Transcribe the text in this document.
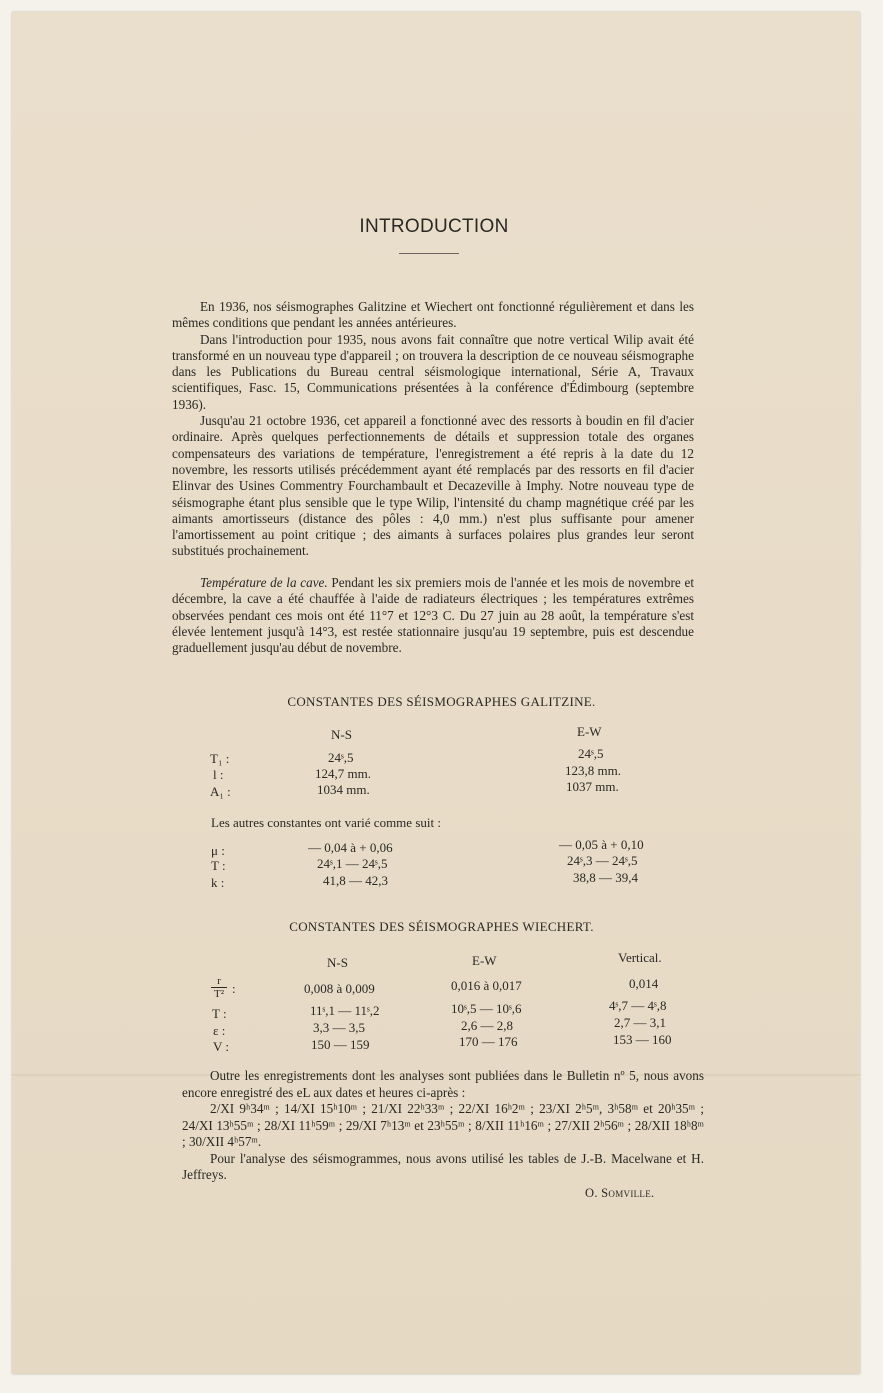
INTRODUCTION

En 1936, nos séismographes Galitzine et Wiechert ont fonctionné régulièrement et dans les mêmes conditions que pendant les années antérieures.

Dans l'introduction pour 1935, nous avons fait connaître que notre vertical Wilip avait été transformé en un nouveau type d'appareil ; on trouvera la description de ce nouveau séismographe dans les Publications du Bureau central séismologique international, Série A, Travaux scientifiques, Fasc. 15, Communications présentées à la conférence d'Édimbourg (septembre 1936).

Jusqu'au 21 octobre 1936, cet appareil a fonctionné avec des ressorts à boudin en fil d'acier ordinaire. Après quelques perfectionnements de détails et suppression totale des organes compensateurs des variations de température, l'enregistrement a été repris à la date du 12 novembre, les ressorts utilisés précédemment ayant été remplacés par des ressorts en fil d'acier Elinvar des Usines Commentry Fourchambault et Decazeville à Imphy. Notre nouveau type de séismographe étant plus sensible que le type Wilip, l'intensité du champ magnétique créé par les aimants amortisseurs (distance des pôles : 4,0 mm.) n'est plus suffisante pour amener l'amortissement au point critique ; des aimants à surfaces polaires plus grandes leur seront substitués prochainement.

Température de la cave. Pendant les six premiers mois de l'année et les mois de novembre et décembre, la cave a été chauffée à l'aide de radiateurs électriques ; les températures extrêmes observées pendant ces mois ont été 11°7 et 12°3 C. Du 27 juin au 28 août, la température s'est élevée lentement jusqu'à 14°3, est restée stationnaire jusqu'au 19 septembre, puis est descendue graduellement jusqu'au début de novembre.

CONSTANTES DES SÉISMOGRAPHES GALITZINE.
N-S	E-W
T₁ :	24ˢ,5	24ˢ,5
l :	124,7 mm.	123,8 mm.
A₁ :	1034 mm.	1037 mm.
Les autres constantes ont varié comme suit :
μ :	— 0,04 à + 0,06	— 0,05 à + 0,10
T :	24ˢ,1 — 24ˢ,5	24ˢ,3 — 24ˢ,5
k :	41,8 — 42,3	38,8 — 39,4
CONSTANTES DES SÉISMOGRAPHES WIECHERT.
N-S	E-W	Vertical.
$\frac{r}{\text{T²}}$ :	0,008 à 0,009	0,016 à 0,017	0,014
T :	11ˢ,1 — 11ˢ,2	10ˢ,5 — 10ˢ,6	4ˢ,7 — 4ˢ,8
ε :	3,3 — 3,5	2,6 — 2,8	2,7 — 3,1
V :	150 — 159	170 — 176	153 — 160

Outre les enregistrements dont les analyses sont publiées dans le Bulletin nº 5, nous avons encore enregistré des eL aux dates et heures ci-après :

2/XI 9ʰ34ᵐ ; 14/XI 15ʰ10ᵐ ; 21/XI 22ʰ33ᵐ ; 22/XI 16ʰ2ᵐ ; 23/XI 2ʰ5ᵐ, 3ʰ58ᵐ et 20ʰ35ᵐ ; 24/XI 13ʰ55ᵐ ; 28/XI 11ʰ59ᵐ ; 29/XI 7ʰ13ᵐ et 23ʰ55ᵐ ; 8/XII 11ʰ16ᵐ ; 27/XII 2ʰ56ᵐ ; 28/XII 18ʰ8ᵐ ; 30/XII 4ʰ57ᵐ.

Pour l'analyse des séismogrammes, nous avons utilisé les tables de J.-B. Macelwane et H. Jeffreys.

O. Somville.
